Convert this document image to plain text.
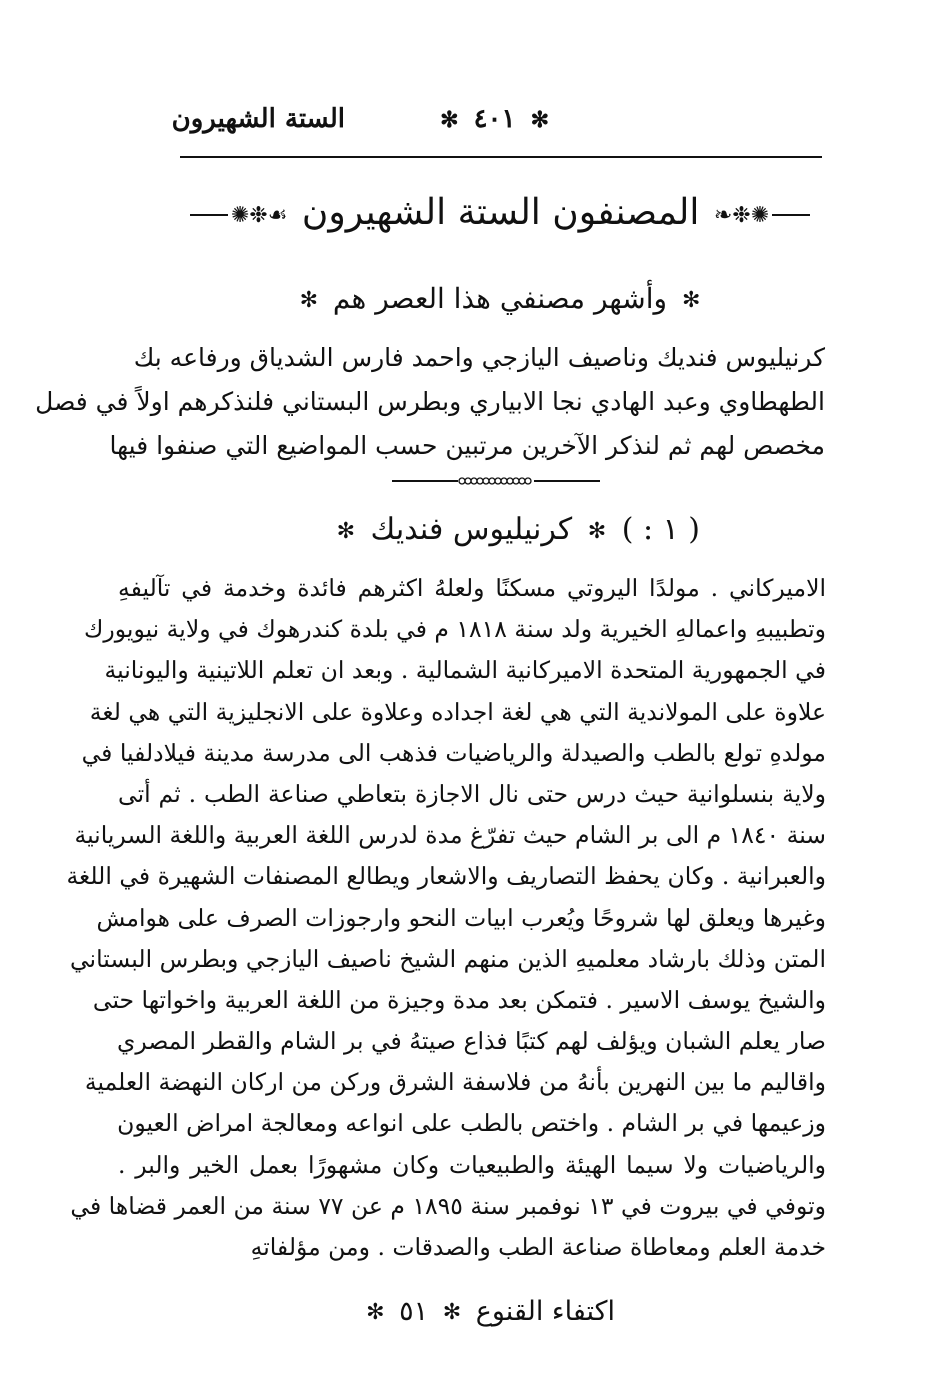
✻ ٤٠١ ✻
الستة الشهيرون
✺❉❧ المصنفون الستة الشهيرون ☙❉✺
✻ وأشهر مصنفي هذا العصر هم ✻
كرنيليوس فنديك وناصيف اليازجي واحمد فارس الشدياق ورفاعه بك
الطهطاوي وعبد الهادي نجا الابياري وبطرس البستاني فلنذكرهم اولاً في فصل
مخصص لهم ثم لنذكر الآخرين مرتبين حسب المواضيع التي صنفوا فيها
( ١ : ) ✻ كرنيليوس فنديك ✻
الاميركاني . مولدًا اليروتي مسكنًا ولعلهُ اكثرهم فائدة وخدمة في تآليفهِ
وتطبيبهِ واعمالهِ الخيرية ولد سنة ١٨١٨ م في بلدة كندرهوك في ولاية نيويورك
في الجمهورية المتحدة الاميركانية الشمالية . وبعد ان تعلم اللاتينية واليونانية
علاوة على المولاندية التي هي لغة اجداده وعلاوة على الانجليزية التي هي لغة
مولدهِ تولع بالطب والصيدلة والرياضيات فذهب الى مدرسة مدينة فيلادلفيا في
ولاية بنسلوانية حيث درس حتى نال الاجازة بتعاطي صناعة الطب . ثم أتى
سنة ١٨٤٠ م الى بر الشام حيث تفرّغ مدة لدرس اللغة العربية واللغة السريانية
والعبرانية . وكان يحفظ التصاريف والاشعار ويطالع المصنفات الشهيرة في اللغة
وغيرها ويعلق لها شروحًا ويُعرب ابيات النحو وارجوزات الصرف على هوامش
المتن وذلك بارشاد معلميهِ الذين منهم الشيخ ناصيف اليازجي وبطرس البستاني
والشيخ يوسف الاسير . فتمكن بعد مدة وجيزة من اللغة العربية واخواتها حتى
صار يعلم الشبان ويؤلف لهم كتبًا فذاع صيتهُ في بر الشام والقطر المصري
واقاليم ما بين النهرين بأنهُ من فلاسفة الشرق وركن من اركان النهضة العلمية
وزعيمها في بر الشام . واختص بالطب على انواعه ومعالجة امراض العيون
والرياضيات ولا سيما الهيئة والطبيعيات وكان مشهورًا بعمل الخير والبر .
وتوفي في بيروت في ١٣ نوفمبر سنة ١٨٩٥ م عن ٧٧ سنة من العمر قضاها في
خدمة العلم ومعاطاة صناعة الطب والصدقات . ومن مؤلفاتهِ
اكتفاء القنوع ✻ ٥١ ✻
